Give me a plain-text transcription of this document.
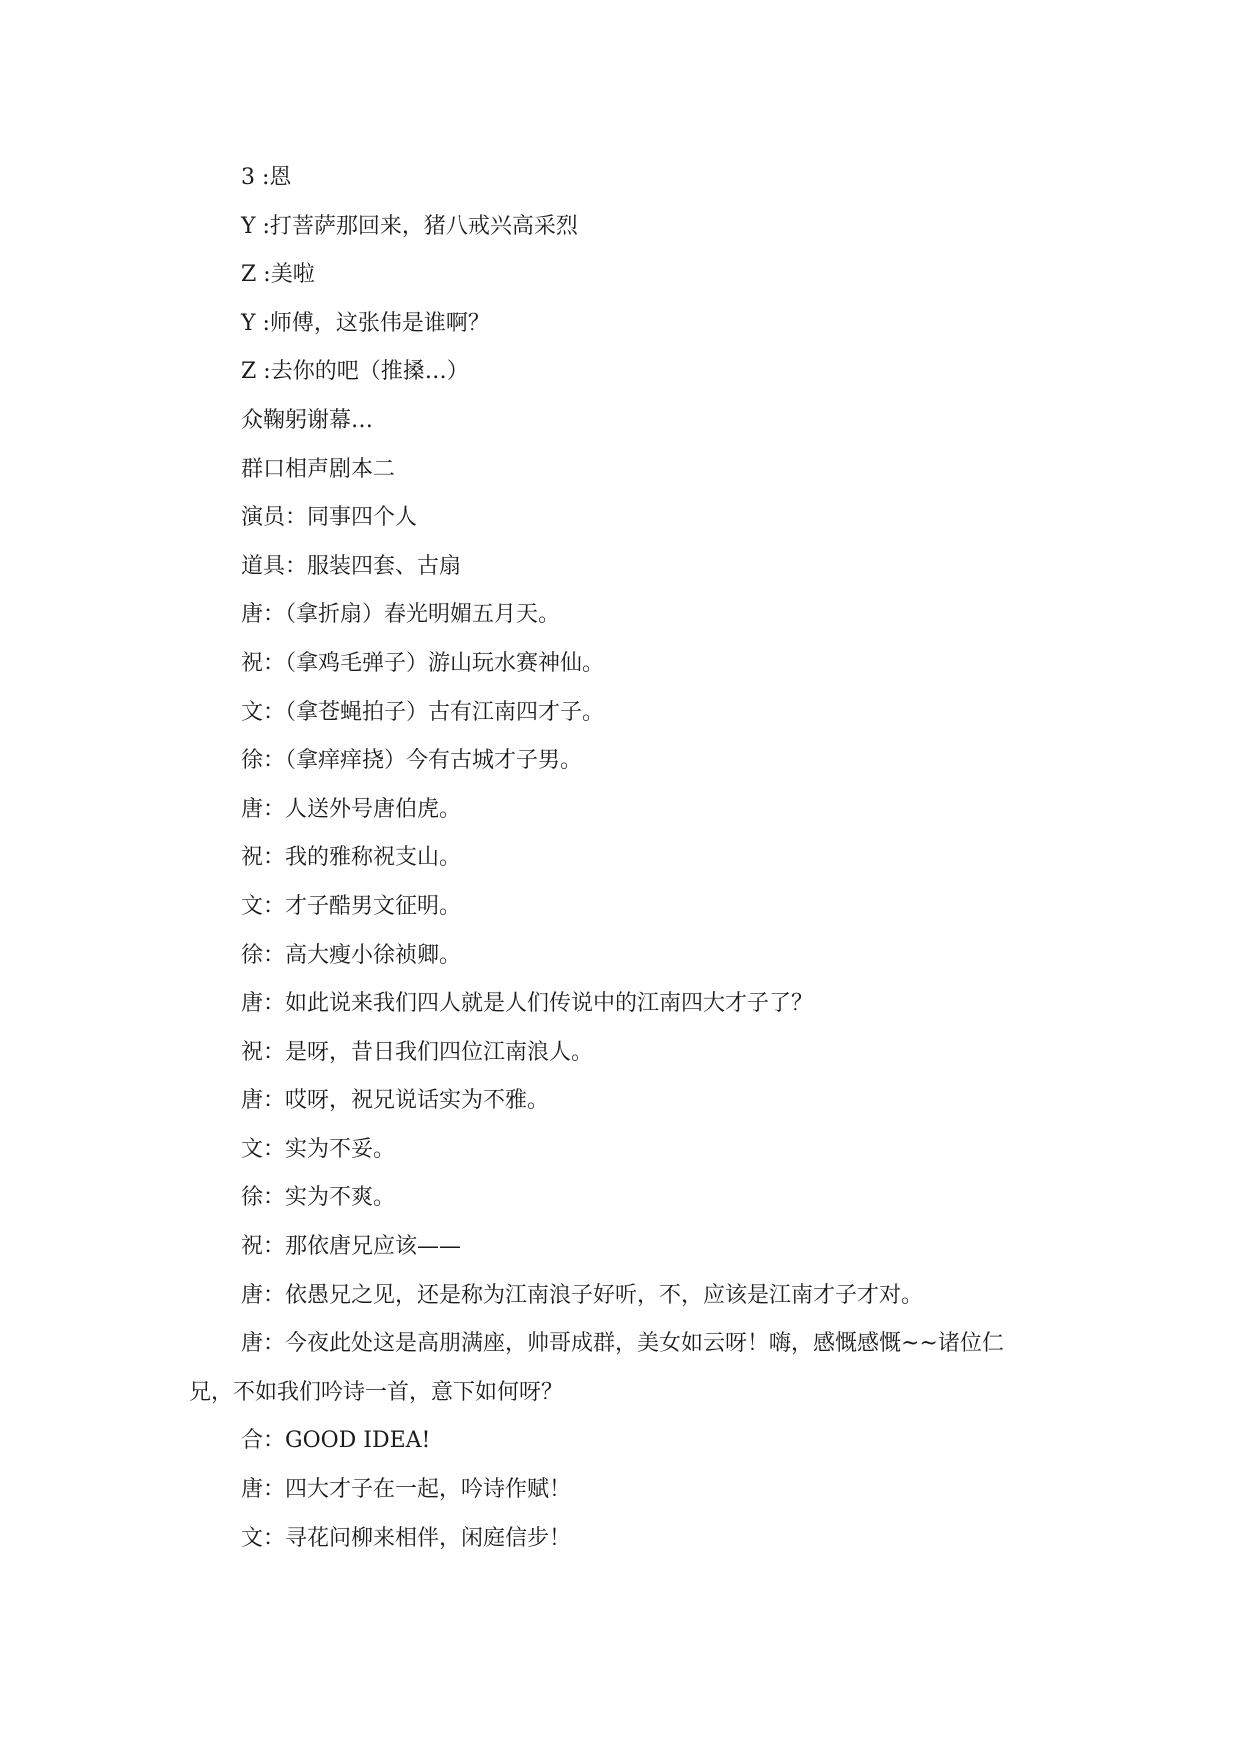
3 :恩
Y :打菩萨那回来，猪八戒兴高采烈
Z :美啦
Y :师傅，这张伟是谁啊？
Z :去你的吧（推搡…）
众鞠躬谢幕…
群口相声剧本二
演员：同事四个人
道具：服装四套、古扇
唐：（拿折扇）春光明媚五月天。
祝：（拿鸡毛弹子）游山玩水赛神仙。
文：（拿苍蝇拍子）古有江南四才子。
徐：（拿痒痒挠）今有古城才子男。
唐：人送外号唐伯虎。
祝：我的雅称祝支山。
文：才子酷男文征明。
徐：高大瘦小徐祯卿。
唐：如此说来我们四人就是人们传说中的江南四大才子了？
祝：是呀，昔日我们四位江南浪人。
唐：哎呀，祝兄说话实为不雅。
文：实为不妥。
徐：实为不爽。
祝：那依唐兄应该——
唐：依愚兄之见，还是称为江南浪子好听，不，应该是江南才子才对。
唐：今夜此处这是高朋满座，帅哥成群，美女如云呀！嗨，感慨感慨~~诸位仁兄，不如我们吟诗一首，意下如何呀？
合：GOOD IDEA!
唐：四大才子在一起，吟诗作赋！
文：寻花问柳来相伴，闲庭信步！
